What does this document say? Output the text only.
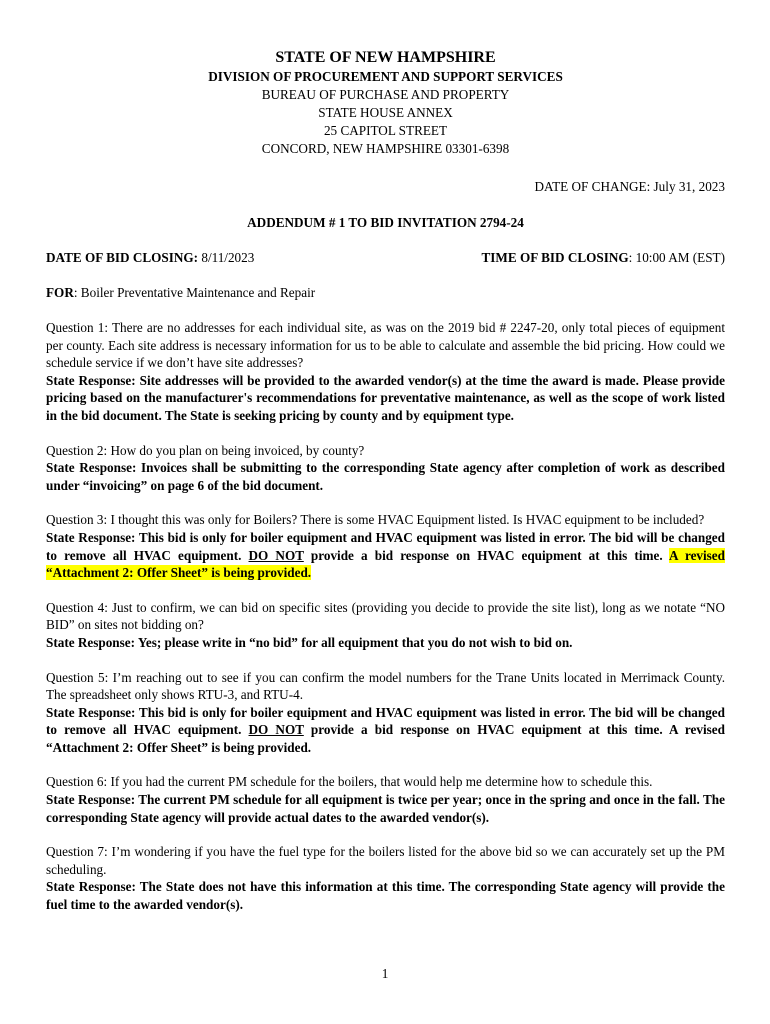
STATE OF NEW HAMPSHIRE
DIVISION OF PROCUREMENT AND SUPPORT SERVICES
BUREAU OF PURCHASE AND PROPERTY
STATE HOUSE ANNEX
25 CAPITOL STREET
CONCORD, NEW HAMPSHIRE 03301-6398
DATE OF CHANGE: July 31, 2023
ADDENDUM # 1 TO BID INVITATION 2794-24
DATE OF BID CLOSING: 8/11/2023	TIME OF BID CLOSING: 10:00 AM (EST)
FOR: Boiler Preventative Maintenance and Repair
Question 1: There are no addresses for each individual site, as was on the 2019 bid # 2247-20, only total pieces of equipment per county. Each site address is necessary information for us to be able to calculate and assemble the bid pricing. How could we schedule service if we don’t have site addresses?
State Response: Site addresses will be provided to the awarded vendor(s) at the time the award is made. Please provide pricing based on the manufacturer's recommendations for preventative maintenance, as well as the scope of work listed in the bid document. The State is seeking pricing by county and by equipment type.
Question 2: How do you plan on being invoiced, by county?
State Response: Invoices shall be submitting to the corresponding State agency after completion of work as described under “invoicing” on page 6 of the bid document.
Question 3: I thought this was only for Boilers? There is some HVAC Equipment listed. Is HVAC equipment to be included?
State Response: This bid is only for boiler equipment and HVAC equipment was listed in error. The bid will be changed to remove all HVAC equipment. DO NOT provide a bid response on HVAC equipment at this time. A revised “Attachment 2: Offer Sheet” is being provided.
Question 4: Just to confirm, we can bid on specific sites (providing you decide to provide the site list), long as we notate “NO BID” on sites not bidding on?
State Response: Yes; please write in “no bid” for all equipment that you do not wish to bid on.
Question 5: I’m reaching out to see if you can confirm the model numbers for the Trane Units located in Merrimack County. The spreadsheet only shows RTU-3, and RTU-4.
State Response: This bid is only for boiler equipment and HVAC equipment was listed in error. The bid will be changed to remove all HVAC equipment. DO NOT provide a bid response on HVAC equipment at this time. A revised “Attachment 2: Offer Sheet” is being provided.
Question 6: If you had the current PM schedule for the boilers, that would help me determine how to schedule this.
State Response: The current PM schedule for all equipment is twice per year; once in the spring and once in the fall. The corresponding State agency will provide actual dates to the awarded vendor(s).
Question 7: I’m wondering if you have the fuel type for the boilers listed for the above bid so we can accurately set up the PM scheduling.
State Response: The State does not have this information at this time. The corresponding State agency will provide the fuel time to the awarded vendor(s).
1
